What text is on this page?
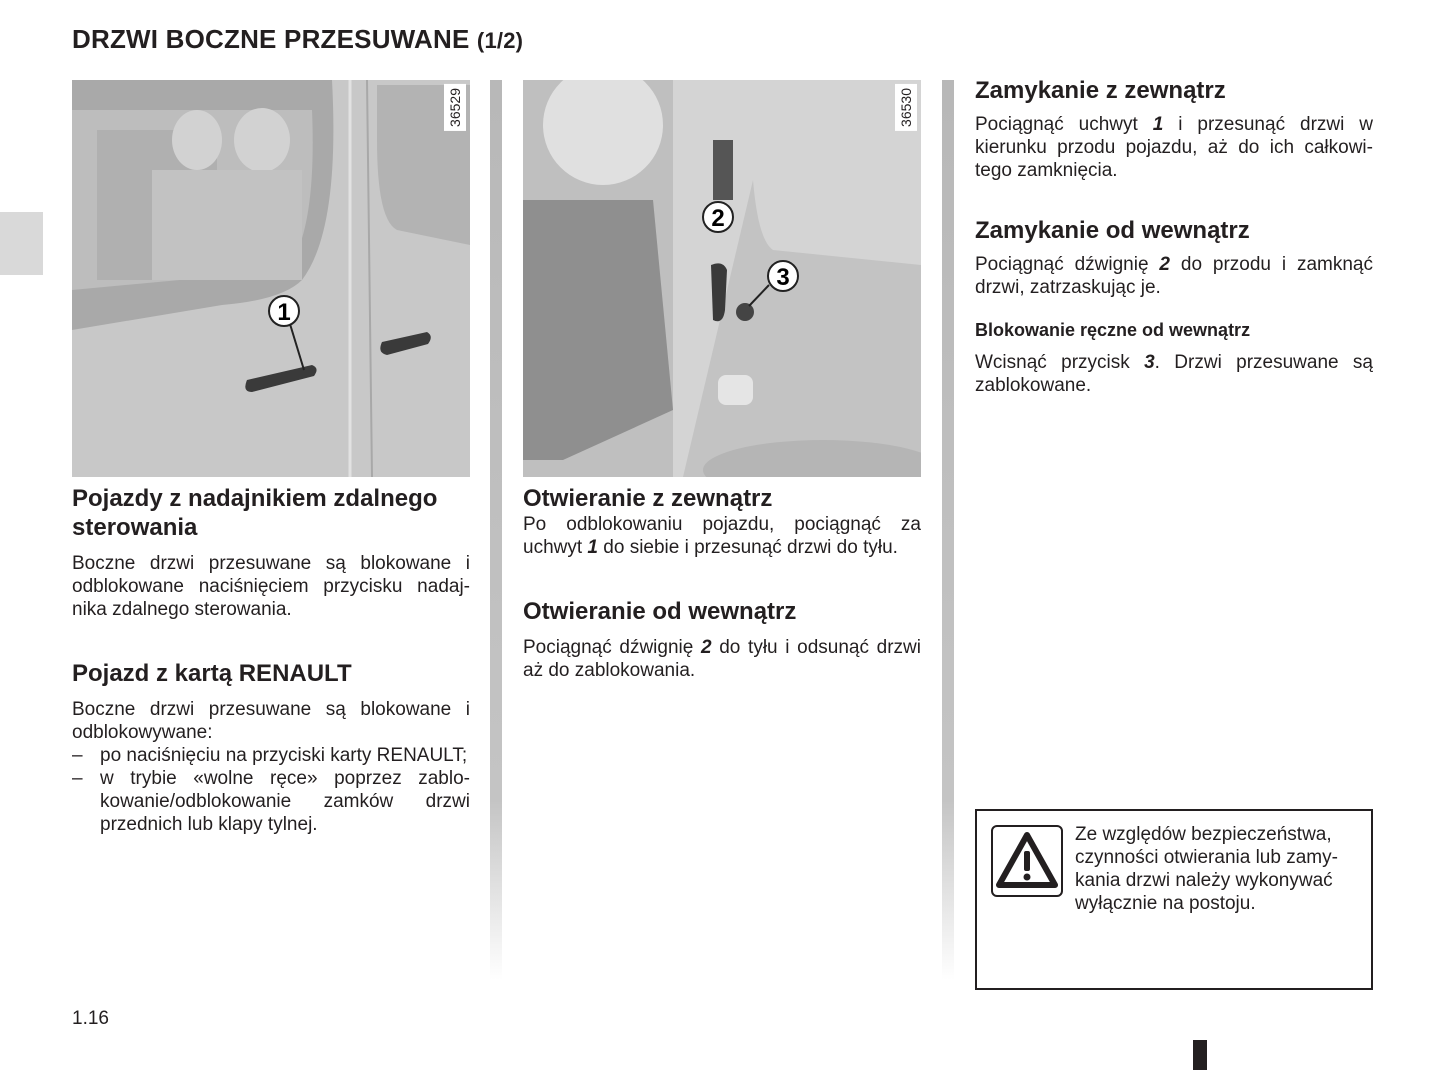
DRZWI BOCZNE PRZESUWANE (1/2)
1
36529
2
3
36530
Pojazdy z nadajnikiem zdalnego sterowania

Boczne drzwi przesuwane są blokowane i odblokowane naciśnięciem przycisku nadajnika zdalnego sterowania.

Pojazd z kartą RENAULT

Boczne drzwi przesuwane są blokowane i odblokowywane:

– po naciśnięciu na przyciski karty RENAULT;
– w trybie «wolne ręce» poprzez zablokowanie/odblokowanie zamków drzwi przednich lub klapy tylnej.
Otwieranie z zewnątrz

Po odblokowaniu pojazdu, pociągnąć za uchwyt 1 do siebie i przesunąć drzwi do tyłu.

Otwieranie od wewnątrz

Pociągnąć dźwignię 2 do tyłu i odsunąć drzwi aż do zablokowania.

Zamykanie z zewnątrz

Pociągnąć uchwyt 1 i przesunąć drzwi w kierunku przodu pojazdu, aż do ich całkowitego zamknięcia.

Zamykanie od wewnątrz

Pociągnąć dźwignię 2 do przodu i zamknąć drzwi, zatrzaskując je.

Blokowanie ręczne od wewnątrz

Wcisnąć przycisk 3. Drzwi przesuwane są zablokowane.

Ze względów bezpieczeństwa, czynności otwierania lub zamykania drzwi należy wykonywać wyłącznie na postoju.
1.16
